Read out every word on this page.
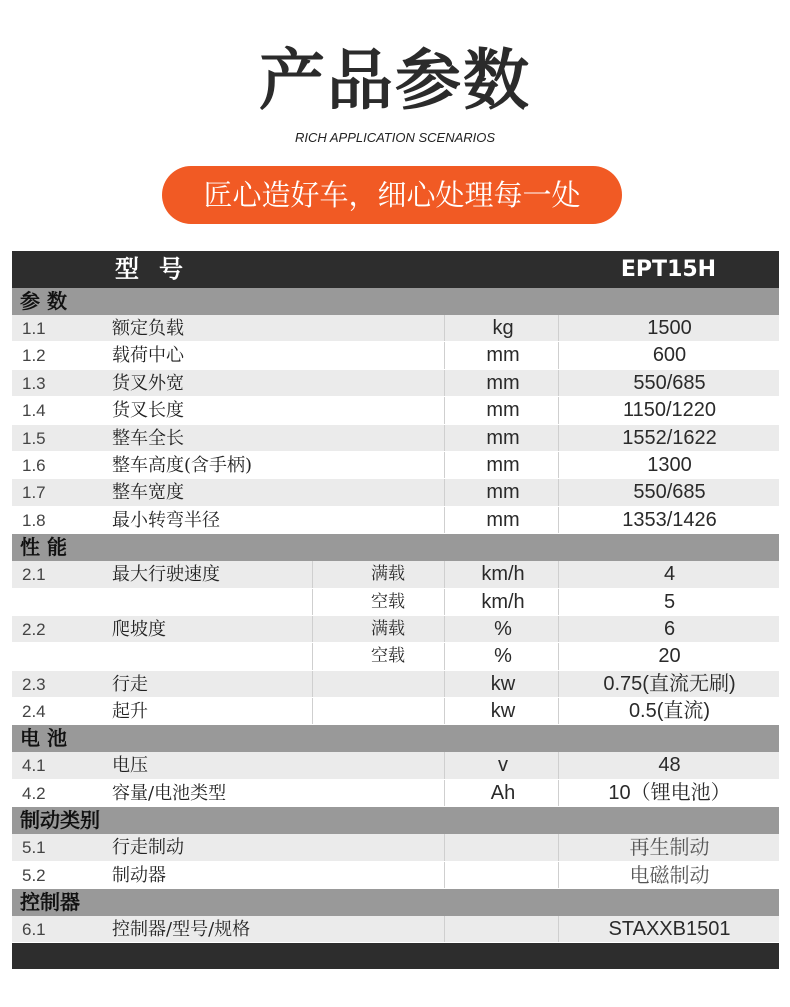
产品参数
RICH APPLICATION SCENARIOS
匠心造好车，细心处理每一处
型号	EPT15H
参 数
1.1	额定负载	kg	1500
1.2	载荷中心	mm	600
1.3	货叉外宽	mm	550/685
1.4	货叉长度	mm	1150/1220
1.5	整车全长	mm	1552/1622
1.6	整车高度(含手柄)	mm	1300
1.7	整车宽度	mm	550/685
1.8	最小转弯半径	mm	1353/1426
性 能
2.1	最大行驶速度	满载	km/h	4
空载	km/h	5
2.2	爬坡度	满载	%	6
空载	%	20
2.3	行走	kw	0.75(直流无刷)
2.4	起升	kw	0.5(直流)
电 池
4.1	电压	v	48
4.2	容量/电池类型	Ah	10（锂电池）
制动类别
5.1	行走制动	再生制动
5.2	制动器	电磁制动
控制器
6.1	控制器/型号/规格	STAXXB1501
